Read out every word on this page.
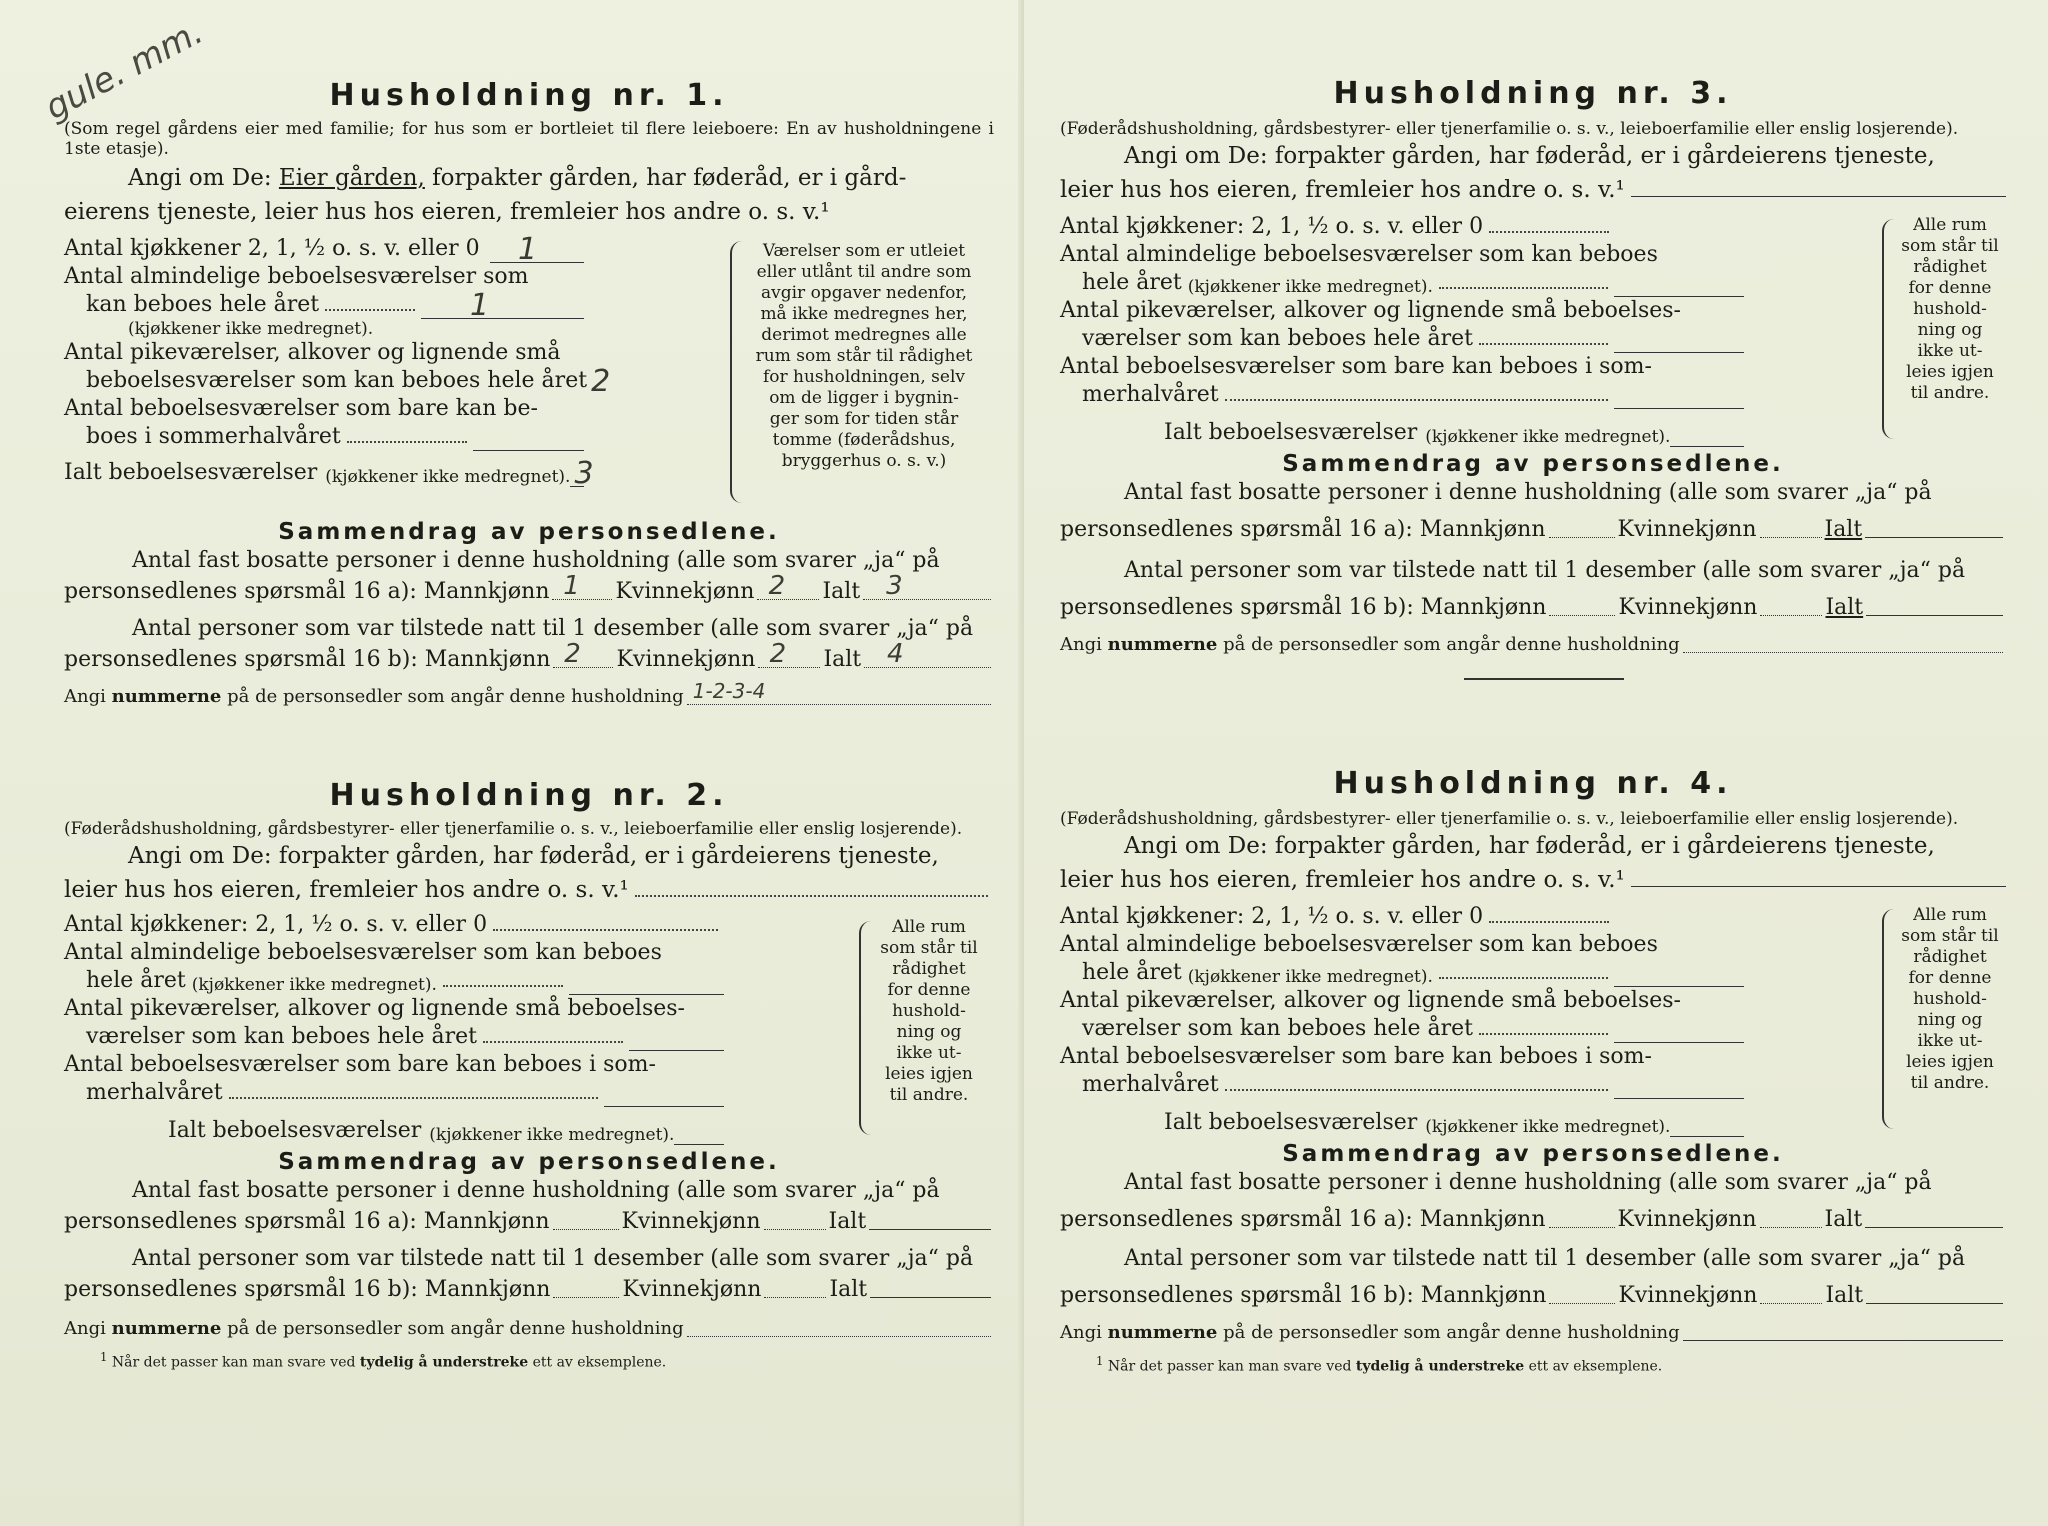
gule. mm.	Husholdning nr. 1.
(Som regel gårdens eier med familie; for hus som er bortleiet til flere leieboere: En av husholdningene i 1ste etasje).
Angi om De: Eier gården, forpakter gården, har føderåd, er i gård-
eierens tjeneste, leier hus hos eieren, fremleier hos andre o. s. v.¹
Antal kjøkkener 2, 1, ½ o. s. v. eller 0 1
Antal almindelige beboelsesværelser som
kan beboes hele året	1
(kjøkkener ikke medregnet).
Antal pikeværelser, alkover og lignende små
beboelsesværelser som kan beboes hele året 2
Antal beboelsesværelser som bare kan be-
boes i sommerhalvåret
Ialt beboelsesværelser (kjøkkener ikke medregnet). 3
Værelser som er utleiet
eller utlånt til andre som
avgir opgaver nedenfor,
må ikke medregnes her,
derimot medregnes alle
rum som står til rådighet
for husholdningen, selv
om de ligger i bygnin-
ger som for tiden står
tomme (føderådshus,
bryggerhus o. s. v.)
Sammendrag av personsedlene.
Antal fast bosatte personer i denne husholdning (alle som svarer „ja“ på
personsedlenes spørsmål 16 a): Mannkjønn 1 Kvinnekjønn 2 Ialt 3
Antal personer som var tilstede natt til 1 desember (alle som svarer „ja“ på
personsedlenes spørsmål 16 b): Mannkjønn 2 Kvinnekjønn 2 Ialt 4
Angi
nummerne
på de personsedler som angår denne husholdning 1-2-3-4
Husholdning nr. 2.
(Føderådshusholdning, gårdsbestyrer- eller tjenerfamilie o. s. v., leieboerfamilie eller enslig losjerende).
Angi om De: forpakter gården, har føderåd, er i gårdeierens tjeneste,
leier hus hos eieren, fremleier hos andre o. s. v.¹
Antal kjøkkener: 2, 1, ½ o. s. v. eller 0
Antal almindelige beboelsesværelser som kan beboes
hele året (kjøkkener ikke medregnet).
Antal pikeværelser, alkover og lignende små beboelses-
værelser som kan beboes hele året
Antal beboelsesværelser som bare kan beboes i som-
merhalvåret
Ialt beboelsesværelser (kjøkkener ikke medregnet).
Alle rum
som står til
rådighet
for denne
hushold-
ning og
ikke ut-
leies igjen
til andre.
Sammendrag av personsedlene.
Antal fast bosatte personer i denne husholdning (alle som svarer „ja“ på
personsedlenes spørsmål 16 a):
Mannkjønn	Kvinnekjønn	Ialt
Antal personer som var tilstede natt til 1 desember (alle som svarer „ja“ på
personsedlenes spørsmål 16 b):
Mannkjønn	Kvinnekjønn	Ialt
Angi
nummerne
på de personsedler som angår denne husholdning
$^1$ Når det passer kan man svare ved tydelig å understreke ett av eksemplene.
Husholdning nr. 3.
(Føderådshusholdning, gårdsbestyrer- eller tjenerfamilie o. s. v., leieboerfamilie eller enslig losjerende).
Angi om De: forpakter gården, har føderåd, er i gårdeierens tjeneste,
leier hus hos eieren, fremleier hos andre o. s. v.¹
Antal kjøkkener: 2, 1, ½ o. s. v. eller 0
Antal almindelige beboelsesværelser som kan beboes
hele året (kjøkkener ikke medregnet).
Antal pikeværelser, alkover og lignende små beboelses-
værelser som kan beboes hele året
Antal beboelsesværelser som bare kan beboes i som-
merhalvåret
Ialt beboelsesværelser (kjøkkener ikke medregnet).
Alle rum
som står til
rådighet
for denne
hushold-
ning og
ikke ut-
leies igjen
til andre.
Sammendrag av personsedlene.
Antal fast bosatte personer i denne husholdning (alle som svarer „ja“ på
personsedlenes spørsmål 16 a):
Mannkjønn	Kvinnekjønn	Ialt
Antal personer som var tilstede natt til 1 desember (alle som svarer „ja“ på
personsedlenes spørsmål 16 b):
Mannkjønn	Kvinnekjønn	Ialt
Angi
nummerne
på de personsedler som angår denne husholdning
Husholdning nr. 4.
(Føderådshusholdning, gårdsbestyrer- eller tjenerfamilie o. s. v., leieboerfamilie eller enslig losjerende).
Angi om De: forpakter gården, har føderåd, er i gårdeierens tjeneste,
leier hus hos eieren, fremleier hos andre o. s. v.¹
Antal kjøkkener: 2, 1, ½ o. s. v. eller 0
Antal almindelige beboelsesværelser som kan beboes
hele året (kjøkkener ikke medregnet).
Antal pikeværelser, alkover og lignende små beboelses-
værelser som kan beboes hele året
Antal beboelsesværelser som bare kan beboes i som-
merhalvåret
Ialt beboelsesværelser (kjøkkener ikke medregnet).
Alle rum
som står til
rådighet
for denne
hushold-
ning og
ikke ut-
leies igjen
til andre.
Sammendrag av personsedlene.
Antal fast bosatte personer i denne husholdning (alle som svarer „ja“ på
personsedlenes spørsmål 16 a):
Mannkjønn	Kvinnekjønn	Ialt
Antal personer som var tilstede natt til 1 desember (alle som svarer „ja“ på
personsedlenes spørsmål 16 b):
Mannkjønn	Kvinnekjønn	Ialt
Angi
nummerne
på de personsedler som angår denne husholdning
$^1$ Når det passer kan man svare ved tydelig å understreke ett av eksemplene.
